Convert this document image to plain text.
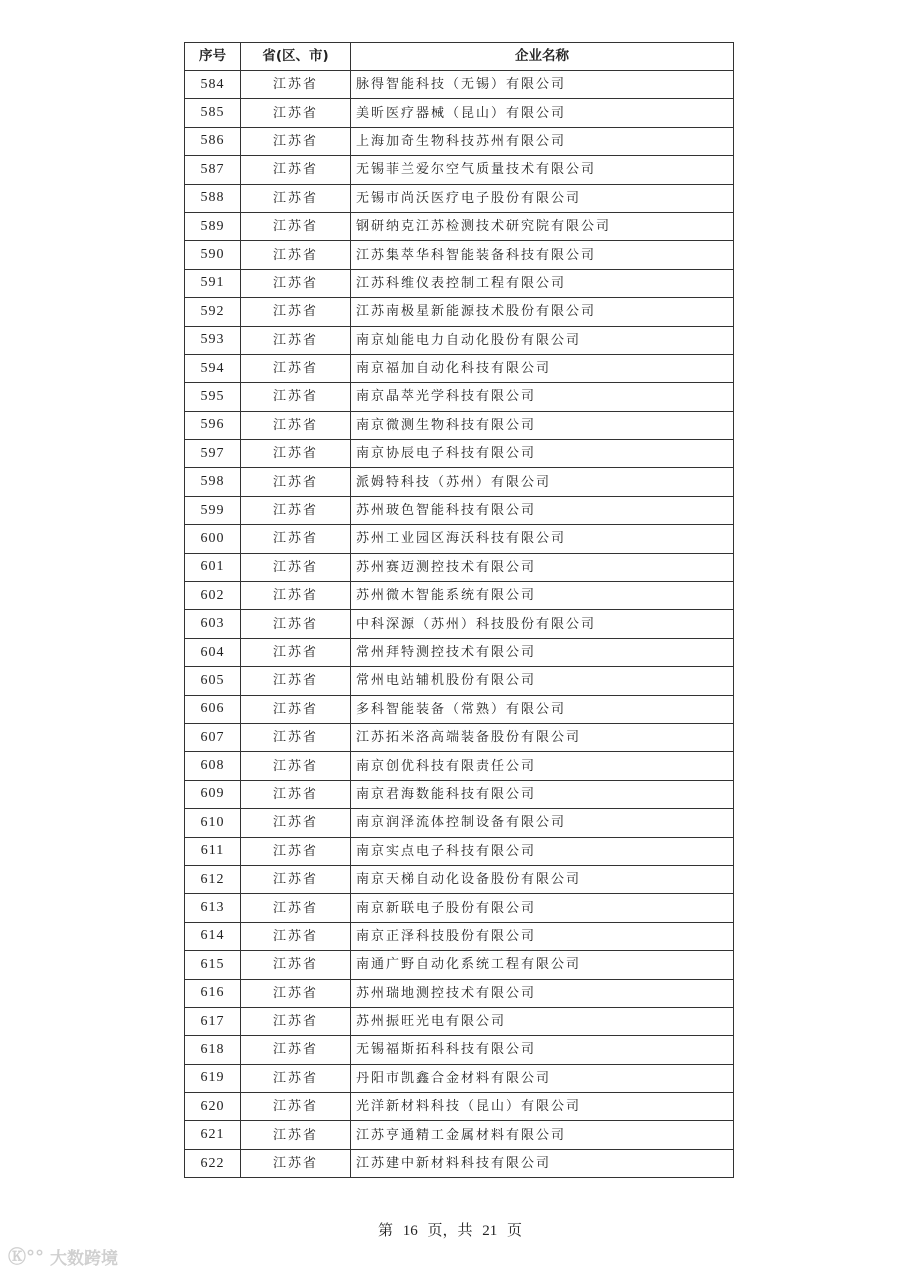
序号	省(区、市)	企业名称
584	江苏省	脉得智能科技（无锡）有限公司
585	江苏省	美昕医疗器械（昆山）有限公司
586	江苏省	上海加奇生物科技苏州有限公司
587	江苏省	无锡菲兰爱尔空气质量技术有限公司
588	江苏省	无锡市尚沃医疗电子股份有限公司
589	江苏省	钢研纳克江苏检测技术研究院有限公司
590	江苏省	江苏集萃华科智能装备科技有限公司
591	江苏省	江苏科维仪表控制工程有限公司
592	江苏省	江苏南极星新能源技术股份有限公司
593	江苏省	南京灿能电力自动化股份有限公司
594	江苏省	南京福加自动化科技有限公司
595	江苏省	南京晶萃光学科技有限公司
596	江苏省	南京微测生物科技有限公司
597	江苏省	南京协辰电子科技有限公司
598	江苏省	派姆特科技（苏州）有限公司
599	江苏省	苏州玻色智能科技有限公司
600	江苏省	苏州工业园区海沃科技有限公司
601	江苏省	苏州赛迈测控技术有限公司
602	江苏省	苏州微木智能系统有限公司
603	江苏省	中科深源（苏州）科技股份有限公司
604	江苏省	常州拜特测控技术有限公司
605	江苏省	常州电站辅机股份有限公司
606	江苏省	多科智能装备（常熟）有限公司
607	江苏省	江苏拓米洛高端装备股份有限公司
608	江苏省	南京创优科技有限责任公司
609	江苏省	南京君海数能科技有限公司
610	江苏省	南京润泽流体控制设备有限公司
611	江苏省	南京实点电子科技有限公司
612	江苏省	南京天梯自动化设备股份有限公司
613	江苏省	南京新联电子股份有限公司
614	江苏省	南京正泽科技股份有限公司
615	江苏省	南通广野自动化系统工程有限公司
616	江苏省	苏州瑞地测控技术有限公司
617	江苏省	苏州振旺光电有限公司
618	江苏省	无锡福斯拓科科技有限公司
619	江苏省	丹阳市凯鑫合金材料有限公司
620	江苏省	光洋新材料科技（昆山）有限公司
621	江苏省	江苏亨通精工金属材料有限公司
622	江苏省	江苏建中新材料科技有限公司
第 16 页，共 21 页
Ⓚ°° 大数跨境
